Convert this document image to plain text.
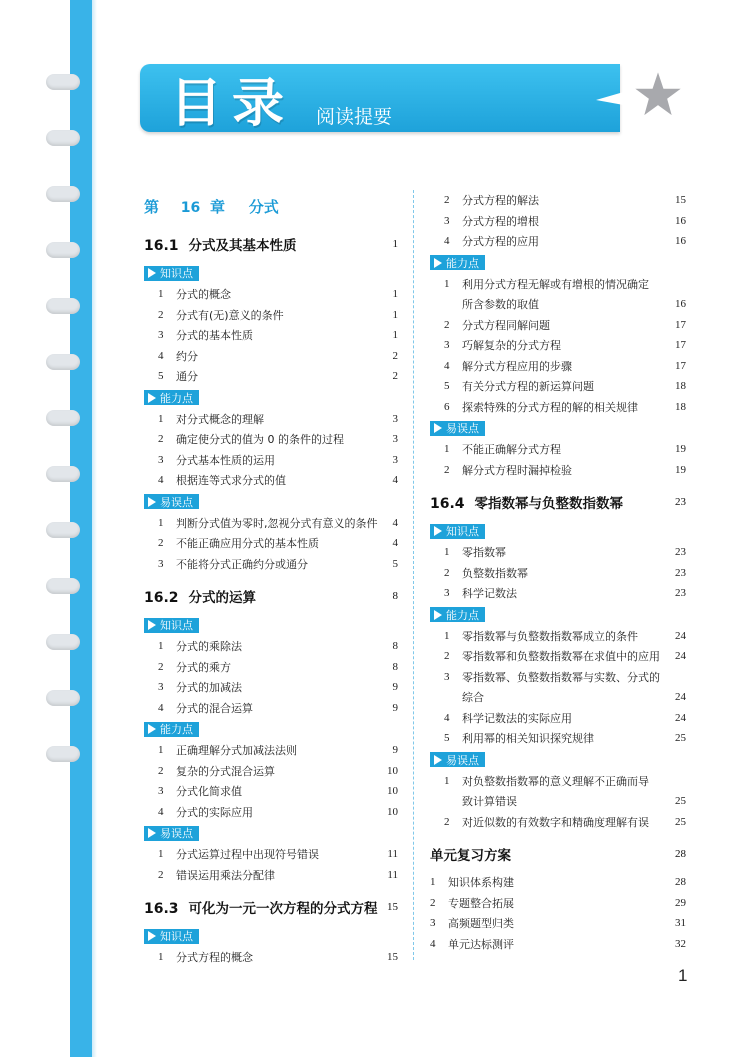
目录 阅读提要
第 16 章 分式
16.1 分式及其基本性质	1
知识点
1	分式的概念	1
2	分式有(无)意义的条件	1
3	分式的基本性质	1
4	约分	2
5	通分	2
能力点
1	对分式概念的理解	3
2	确定使分式的值为 0 的条件的过程	3
3	分式基本性质的运用	3
4	根据连等式求分式的值	4
易误点
1	判断分式值为零时,忽视分式有意义的条件	4
2	不能正确应用分式的基本性质	4
3	不能将分式正确约分或通分	5
16.2 分式的运算	8
知识点
1	分式的乘除法	8
2	分式的乘方	8
3	分式的加减法	9
4	分式的混合运算	9
能力点
1	正确理解分式加减法法则	9
2	复杂的分式混合运算	10
3	分式化简求值	10
4	分式的实际应用	10
易误点
1	分式运算过程中出现符号错误	11
2	错误运用乘法分配律	11
16.3 可化为一元一次方程的分式方程 15
知识点
1	分式方程的概念	15
2	分式方程的解法	15
3	分式方程的增根	16
4	分式方程的应用	16
能力点
1	利用分式方程无解或有增根的情况确定
所含参数的取值	16
2	分式方程同解问题	17
3	巧解复杂的分式方程	17
4	解分式方程应用的步骤	17
5	有关分式方程的新运算问题	18
6	探索特殊的分式方程的解的相关规律	18
易误点
1	不能正确解分式方程	19
2	解分式方程时漏掉检验	19
16.4 零指数幂与负整数指数幂	23
知识点
1	零指数幂	23
2	负整数指数幂	23
3	科学记数法	23
能力点
1	零指数幂与负整数指数幂成立的条件	24
2	零指数幂和负整数指数幂在求值中的应用	24
3	零指数幂、负整数指数幂与实数、分式的
综合	24
4	科学记数法的实际应用	24
5	利用幂的相关知识探究规律	25
易误点
1	对负整数指数幂的意义理解不正确而导
致计算错误	25
2	对近似数的有效数字和精确度理解有误	25
单元复习方案	28
1	知识体系构建	28
2	专题整合拓展	29
3	高频题型归类	31
4	单元达标测评	32
1
